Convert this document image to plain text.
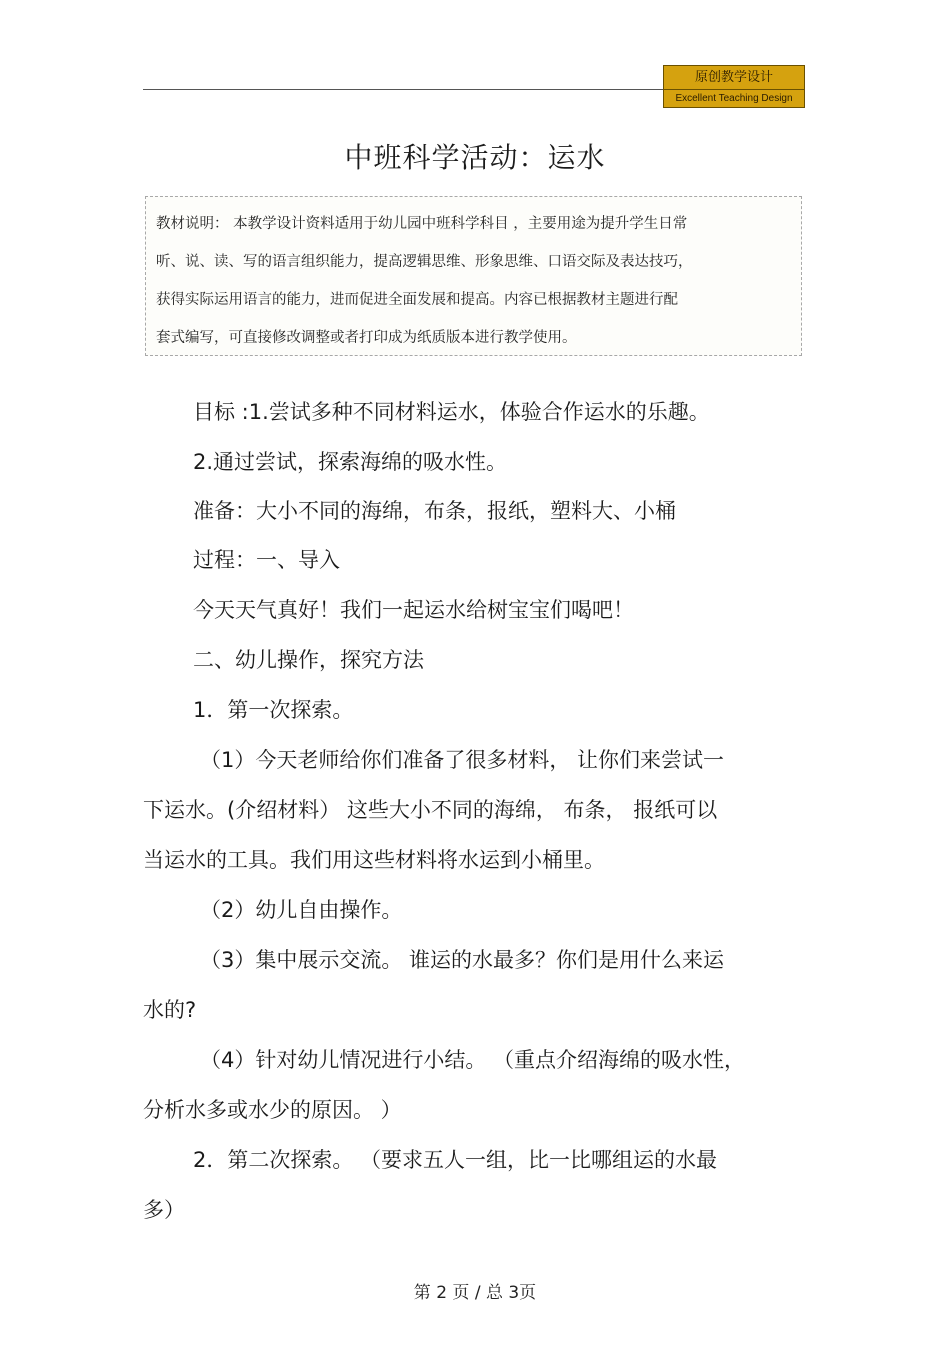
原创教学设计
Excellent Teaching Design
中班科学活动：运水
教材说明： 本教学设计资料适用于幼儿园中班科学科目 ，主要用途为提升学生日常
听、说、读、写的语言组织能力，提高逻辑思维、形象思维、口语交际及表达技巧，
获得实际运用语言的能力，进而促进全面发展和提高。内容已根据教材主题进行配
套式编写，可直接修改调整或者打印成为纸质版本进行教学使用。
目标 :1.尝试多种不同材料运水，体验合作运水的乐趣。
2.通过尝试，探索海绵的吸水性。
准备：大小不同的海绵，布条，报纸，塑料大、小桶
过程：一、导入
今天天气真好！我们一起运水给树宝宝们喝吧！
二、幼儿操作，探究方法
1．第一次探索。
（1）今天老师给你们准备了很多材料， 让你们来尝试一
下运水。(介绍材料） 这些大小不同的海绵， 布条， 报纸可以
当运水的工具。我们用这些材料将水运到小桶里。
（2）幼儿自由操作。
（3）集中展示交流。 谁运的水最多？你们是用什么来运
水的?
（4）针对幼儿情况进行小结。 （重点介绍海绵的吸水性，
分析水多或水少的原因。 ）
2．第二次探索。 （要求五人一组，比一比哪组运的水最
多）
第 2 页 / 总 3页
